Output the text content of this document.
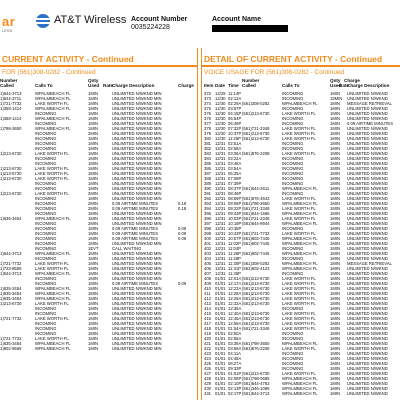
ar
LESS
AT&T Wireless Account Number
0035224228
Account Name
CURRENT ACTIVITY - Continued
FOR (561)308-0282 - Continued
Number
Called	Calls To
Qnty
Used Rate Charge Description	Charge
1)644-3713	WPALMBEACH FL	1MIN	UNLIMITED N/WKND MIN
1)644-3711	WPALMBEACH FL	1MIN	UNLIMITED N/WKND MIN
1)721-7732	LAKE WORTH FL	1MIN	UNLIMITED N/WKND MIN
1)358-1414	WPALMBEACH FL	1MIN	UNLIMITED N/WKND MIN
INCOMING	1MIN	UNLIMITED N/WKND MIN
1)358-1414	WPALMBEACH FL	1MIN	UNLIMITED N/WKND MIN
INCOMING	1MIN	UNLIMITED N/WKND MIN
1)798-3650	WPALMBEACH FL	1MIN	UNLIMITED N/WKND MIN
INCOMING	2MIN	UNLIMITED N/WKND MIN
INCOMING	1MIN	UNLIMITED N/WKND MIN
INCOMING	1MIN	UNLIMITED N/WKND MIN
INCOMING	1MIN	UNLIMITED N/WKND MIN
1)213-6730	LAKE WORTH FL	1MIN	UNLIMITED N/WKND MIN
INCOMING	1MIN	UNLIMITED N/WKND MIN
INCOMING	1MIN	UNLIMITED N/WKND MIN
1)213-6730	LAKE WORTH FL	1MIN	UNLIMITED N/WKND MIN
1)213-6730	LAKE WORTH FL	1MIN	UNLIMITED N/WKND MIN
1)213-6730	LAKE WORTH FL	1MIN	UNLIMITED N/WKND MIN
INCOMING	1MIN	UNLIMITED N/WKND MIN
INCOMING	1MIN	UNLIMITED N/WKND MIN
1)213-6730	LAKE WORTH FL	2MIN	UNLIMITED N/WKND MIN
INCOMING	1MIN	UNLIMITED N/WKND MIN
INCOMING	2MIN	0.09 AIRTIME MINUTES	0.18
INCOMING	2MIN	0.09 AIRTIME MINUTES	0.18
INCOMING	1MIN	UNLIMITED N/WKND MIN
1)635-3454	WPALMBEACH FL	1MIN	UNLIMITED N/WKND MIN
INCOMING	2MIN	UNLIMITED N/WKND MIN
INCOMING	1MIN	0.09 AIRTIME MINUTES	0.09
INCOMING	1MIN	0.09 AIRTIME MINUTES	0.09
INCOMING	1MIN	0.09 AIRTIME MINUTES	0.09
INCOMING	1MIN	UNLIMITED N/WKND MIN
INCOMING	1EVT	CALL WAITING
1)644-3713	WPALMBEACH FL	1MIN	UNLIMITED N/WKND MIN
INCOMING	1MIN	UNLIMITED N/WKND MIN
1)721-7732	LAKE WORTH FL	1MIN	UNLIMITED N/WKND MIN
1)723-8559	LAKE WORTH FL	1MIN	UNLIMITED N/WKND MIN
1)644-3713	WPALMBEACH FL	1MIN	UNLIMITED N/WKND MIN
INCOMING	1MIN	UNLIMITED N/WKND MIN
INCOMING	1MIN	0.09 AIRTIME MINUTES	0.09
1)635-3454	WPALMBEACH FL	1MIN	UNLIMITED N/WKND MIN
1)635-3454	WPALMBEACH FL	1MIN	UNLIMITED N/WKND MIN
1)635-3454	WPALMBEACH FL	1MIN	UNLIMITED N/WKND MIN
1)213-6730	LAKE WORTH FL	1MIN	UNLIMITED N/WKND MIN
INCOMING	1MIN	UNLIMITED N/WKND MIN
INCOMING	1MIN	UNLIMITED N/WKND MIN
1)721-7732	LAKE WORTH FL	1MIN	UNLIMITED N/WKND MIN
INCOMING	1MIN	UNLIMITED N/WKND MIN
INCOMING	1MIN	UNLIMITED N/WKND MIN
INCOMING	1MIN	UNLIMITED N/WKND MIN
1)721-7732	LAKE WORTH FL	1MIN	UNLIMITED N/WKND MIN
1)635-3454	WPALMBEACH FL	1MIN	UNLIMITED N/WKND MIN
1)902-9566	WPALMBEACH FL	1MIN	UNLIMITED N/WKND MIN
DETAIL OF CURRENT ACTIVITY - Continued
VOICE USAGE FOR (561)308-0282 - Continued
Number	Qnty Charge
Item Date Time Called	Calls To	Used
Rate
Charge Description
372 12/29 11:14P	INCOMING	1MIN UNLIMITED N/WKND
373 12/30 02:13A	INCOMING	15MIN UNLIMITED N/WKND
374 12/30 02:29A (561)308-0282	WPALMBEACH FL	1MIN MESSAGE RETRIEVAL
375 12/30 03:57P	INCOMING	1MIN UNLIMITED N/WKND
376 12/30 04:15P (561)213-6730	LAKE WORTH FL	1MIN UNLIMITED N/WKND
376 12/30 05:54P	INCOMING	1MIN UNLIMITED N/WKND
377 12/30 06:49P	INCOMING	1MIN 0.09 AIRTIME MINUTES
378 12/30 07:32P (561)721-3348	LAKE WORTH FL	1MIN UNLIMITED N/WKND
379 12/30 10:37P (561)213-6730	LAKE WORTH FL	1MIN UNLIMITED N/WKND
380 12/30 11:25P (561)213-6730	LAKE WORTH FL	1MIN UNLIMITED N/WKND
381 12/31 02:51A	INCOMING	1MIN UNLIMITED N/WKND
382 12/31 02:58A	INCOMING	1MIN UNLIMITED N/WKND
383 12/31 03:06A (561)876-2208	LAKE WORTH FL	1MIN UNLIMITED N/WKND
384 12/31 03:22A	INCOMING	1MIN UNLIMITED N/WKND
385 12/31 03:48A	INCOMING	1MIN UNLIMITED N/WKND
386 12/31 03:54A	INCOMING	1MIN UNLIMITED N/WKND
387 12/31 05:25A	INCOMING	1MIN UNLIMITED N/WKND
388 12/31 07:08P	INCOMING	1MIN UNLIMITED N/WKND
389 12/31 07:39P	INCOMING	1MIN UNLIMITED N/WKND
390 12/31 08:37P (561)644-2611	WPALMBEACH FL	1MIN UNLIMITED N/WKND
391 12/31 08:46P	INCOMING	1MIN UNLIMITED N/WKND
392 12/31 08:59P (561)876-4643	LAKE WORTH FL	1MIN UNLIMITED N/WKND
393 12/31 09:08P (561)798-3650	WPALMBEACH FL	1MIN UNLIMITED N/WKND
394 12/31 09:22P (561)721-3348	LAKE WORTH FL	1MIN UNLIMITED N/WKND
395 12/31 09:43P (561)644-1565	WPALMBEACH FL	1MIN UNLIMITED N/WKND
396 12/31 10:03P (561)721-3348	LAKE WORTH FL	1MIN UNLIMITED N/WKND
397 12/31 10:19P (561)644-9944	WPALMBEACH FL	1MIN UNLIMITED N/WKND
398 12/31 10:35P	INCOMING	1MIN UNLIMITED N/WKND
399 12/31 10:43P (561)721-7732	LAKE WORTH FL	1MIN UNLIMITED N/WKND
400 12/31 10:57P (561)802-7445	WPALMBEACH FL	1MIN UNLIMITED N/WKND
401 12/31 11:02P (561)802-7445	WPALMBEACH FL	1MIN UNLIMITED N/WKND
402 12/31 11:04P	INCOMING	1MIN UNLIMITED N/WKND
403 12/31 11:26P (561)802-7445	WPALMBEACH FL	1MIN UNLIMITED N/WKND
404 12/31 11:28P	INCOMING	1MIN UNLIMITED N/WKND
405 12/31 11:30P (561)308-0282	WPALMBEACH FL	1MIN MESSAGE RETRIEVAL
406 12/31 11:31P (561)602-4123	WPALMBEACH FL	1MIN UNLIMITED N/WKND
407 12/31 11:46P	INCOMING	1MIN UNLIMITED N/WKND
408 01/01 12:01A (561)213-6730	LAKE WORTH FL	1MIN UNLIMITED N/WKND
409 01/01 12:17A (561)213-6730	LAKE WORTH FL	1MIN UNLIMITED N/WKND
410 01/01 12:23A (561)213-6730	LAKE WORTH FL	1MIN UNLIMITED N/WKND
411 01/01 12:28A (561)213-6730	LAKE WORTH FL	1MIN UNLIMITED N/WKND
412 01/01 12:29A (561)213-6730	LAKE WORTH FL	1MIN UNLIMITED N/WKND
413 01/01 12:33A (561)213-6730	LAKE WORTH FL	1MIN UNLIMITED N/WKND
414 01/01 12:36A	INCOMING	1MIN UNLIMITED N/WKND
415 01/01 12:40A (561)213-6730	LAKE WORTH FL	1MIN UNLIMITED N/WKND
416 01/01 12:45A (561)213-6730	LAKE WORTH FL	1MIN UNLIMITED N/WKND
417 01/01 12:59A (561)213-6730	LAKE WORTH FL	1MIN UNLIMITED N/WKND
418 01/01 01:54A (561)721-3348	LAKE WORTH FL	1MIN UNLIMITED N/WKND
419 01/01 02:50A	INCOMING	1MIN UNLIMITED N/WKND
420 01/01 02:55A	INCOMING	1MIN UNLIMITED N/WKND
421 01/01 03:39A (561)798-3650	WPALMBEACH FL	1MIN UNLIMITED N/WKND
422 01/01 03:59A (561)876-2208	LAKE WORTH FL	1MIN UNLIMITED N/WKND
423 01/01 04:11A	INCOMING	1MIN UNLIMITED N/WKND
424 01/01 04:48A	INCOMING	1MIN UNLIMITED N/WKND
425 01/01 06:27A	INCOMING	1MIN UNLIMITED N/WKND
426 01/01 09:33P	INCOMING	1MIN UNLIMITED N/WKND
427 01/01 01:51P (561)213-6730	LAKE WORTH FL	1MIN UNLIMITED N/WKND
428 01/01 02:06P (561)798-0685	WPALMBEACH FL	1MIN UNLIMITED N/WKND
429 01/01 02:10P (561)644-4763	WPALMBEACH FL	1MIN UNLIMITED N/WKND
430 01/01 02:13P (561)346-1086	WPALMBEACH FL	1MIN UNLIMITED N/WKND
431 01/01 02:17P (561)644-3713	WPALMBEACH FL	1MIN UNLIMITED N/WKND
